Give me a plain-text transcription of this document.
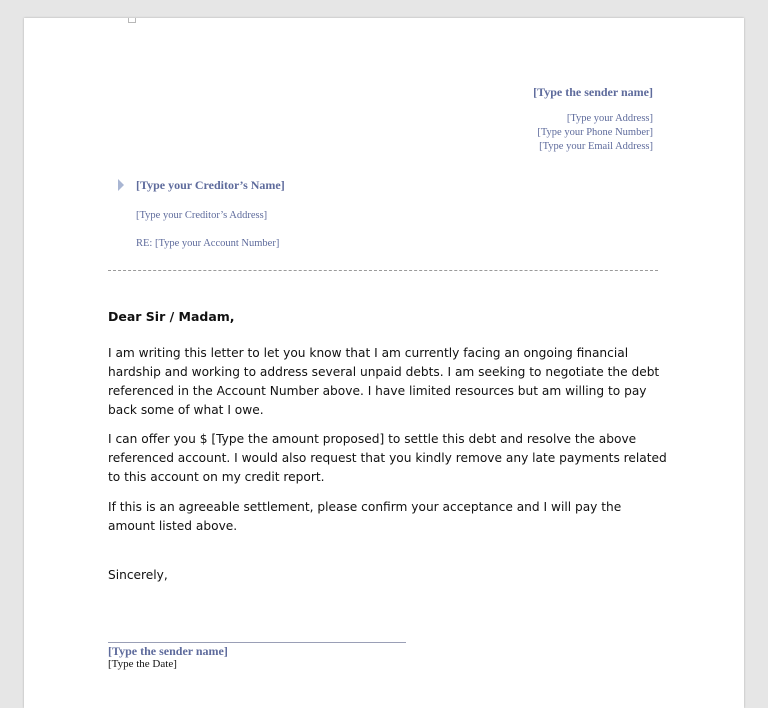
[Type the sender name]
[Type your Address]
[Type your Phone Number]
[Type your Email Address]
[Type your Creditor’s Name]
[Type your Creditor’s Address]
RE: [Type your Account Number]
Dear Sir / Madam,
I am writing this letter to let you know that I am currently facing an ongoing financial hardship and working to address several unpaid debts. I am seeking to negotiate the debt referenced in the Account Number above. I have limited resources but am willing to pay back some of what I owe.
I can offer you $ [Type the amount proposed] to settle this debt and resolve the above referenced account. I would also request that you kindly remove any late payments related to this account on my credit report.
If this is an agreeable settlement, please confirm your acceptance and I will pay the amount listed above.
Sincerely,
[Type the sender name]
[Type the Date]
